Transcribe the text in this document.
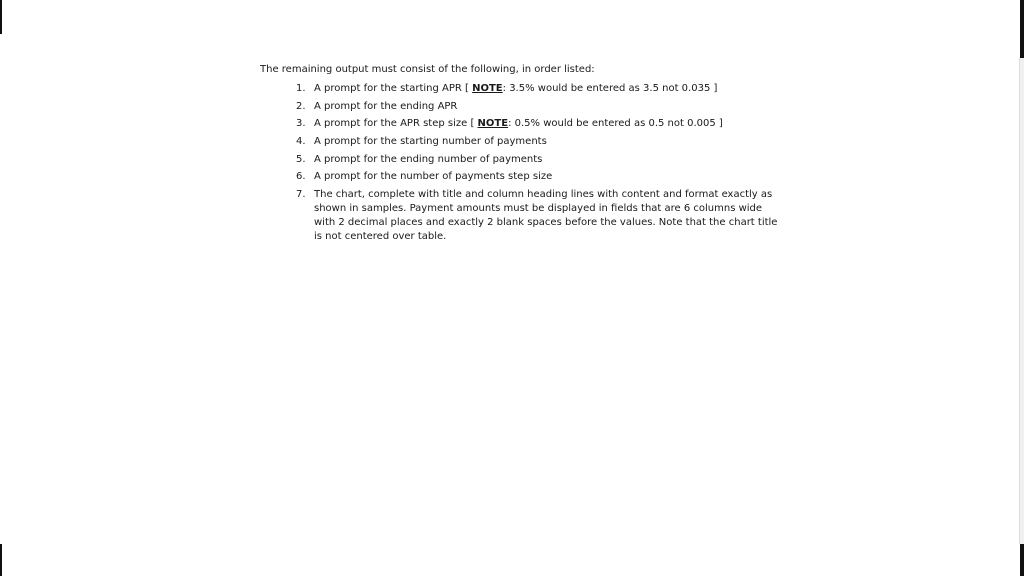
The remaining output must consist of the following, in order listed:

1. A prompt for the starting APR [ NOTE: 3.5% would be entered as 3.5 not 0.035 ]
2. A prompt for the ending APR
3. A prompt for the APR step size [ NOTE: 0.5% would be entered as 0.5 not 0.005 ]
4. A prompt for the starting number of payments
5. A prompt for the ending number of payments
6. A prompt for the number of payments step size
7. The chart, complete with title and column heading lines with content and format exactly as shown in samples. Payment amounts must be displayed in fields that are 6 columns wide with 2 decimal places and exactly 2 blank spaces before the values. Note that the chart title is not centered over table.
